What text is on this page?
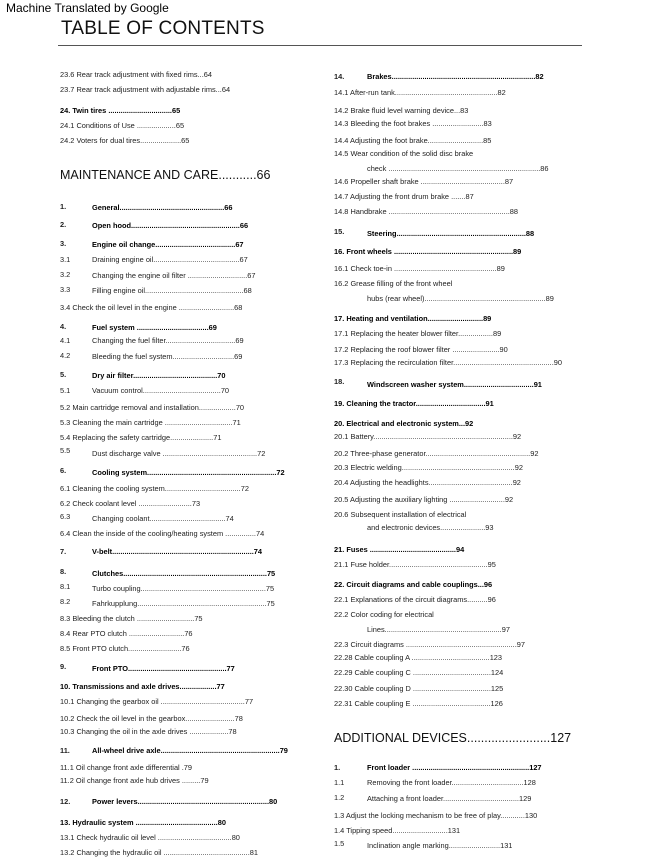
Machine Translated by Google
TABLE OF CONTENTS
23.6 Rear track adjustment with fixed rims...64
23.7 Rear track adjustment with adjustable rims...64
24. Twin tires ...............................65
24.1 Conditions of Use ...................65
24.2 Voters for dual tires....................65
MAINTENANCE AND CARE...........66
1.	General...................................................66
2.	Open hood.....................................................66
3.	Engine oil change.......................................67
3.1	Draining engine oil..........................................67
3.2	Changing the engine oil filter .............................67
3.3	Filling engine oil................................................68
3.4 Check the oil level in the engine ...........................68
4.	Fuel system ...................................69
4.1	Changing the fuel filter..................................69
4.2	Bleeding the fuel system..............................69
5.	Dry air filter.........................................70
5.1	Vacuum control......................................70
5.2 Main cartridge removal and installation..................70
5.3 Cleaning the main cartridge .................................71
5.4 Replacing the safety cartridge.....................71
5.5	Dust discharge valve ..............................................72
6.	Cooling system...............................................................72
6.1 Cleaning the cooling system.....................................72
6.2 Check coolant level ..........................73
6.3	Changing coolant.....................................74
6.4 Clean the inside of the cooling/heating system ...............74
7.	V-belt.....................................................................74
8.	Clutches......................................................................75
8.1	Turbo coupling.............................................................75
8.2	Fahrkupplung...............................................................75
8.3 Bleeding the clutch ............................75
8.4 Rear PTO clutch ...........................76
8.5 Front PTO clutch..........................76
9.	Front PTO................................................77
10. Transmissions and axle drives..................77
10.1 Changing the gearbox oil .........................................77
10.2 Check the oil level in the gearbox........................78
10.3 Changing the oil in the axle drives ...................78
11.	All-wheel drive axle..........................................................79
11.1 Oil change front axle differential .79
11.2 Oil change front axle hub drives .........79
12.	Power levers................................................................80
13. Hydraulic system ........................................80
13.1 Check hydraulic oil level ....................................80
13.2 Changing the hydraulic oil ..........................................81
14.	Brakes......................................................................82
14.1 After-run tank..................................................82
14.2 Brake fluid level warning device...83
14.3 Bleeding the foot brakes .........................83
14.4 Adjusting the foot brake...........................85
14.5 Wear condition of the solid disc brake
check ..........................................................................86
14.6 Propeller shaft brake .........................................87
14.7 Adjusting the front drum brake .......87
14.8 Handbrake ...........................................................88
15.	Steering...............................................................88
16. Front wheels ..........................................................89
16.1 Check toe-in ..................................................89
16.2 Grease filling of the front wheel
hubs (rear wheel)...........................................................89
17. Heating and ventilation...........................89
17.1 Replacing the heater blower filter.................89
17.2 Replacing the roof blower filter .......................90
17.3 Replacing the recirculation filter.................................................90
18.	Windscreen washer system..................................91
19. Cleaning the tractor..................................91
20. Electrical and electronic system...92
20.1 Battery....................................................................92
20.2 Three-phase generator...................................................92
20.3 Electric welding.......................................................92
20.4 Adjusting the headlights.........................................92
20.5 Adjusting the auxiliary lighting ...........................92
20.6 Subsequent installation of electrical
and electronic devices......................93
21. Fuses ..........................................94
21.1 Fuse holder................................................95
22. Circuit diagrams and cable couplings...96
22.1 Explanations of the circuit diagrams..........96
22.2 Color coding for electrical
Lines.........................................................97
22.3 Circuit diagrams ......................................................97
22.28 Cable coupling A ......................................123
22.29 Cable coupling C ......................................124
22.30 Cable coupling D ......................................125
22.31 Cable coupling E ......................................126
ADDITIONAL DEVICES........................127
1.	Front loader .........................................................127
1.1	Removing the front loader...................................128
1.2	Attaching a front loader.....................................129
1.3 Adjust the locking mechanism to be free of play............130
1.4 Tipping speed...........................131
1.5	Inclination angle marking.........................131
